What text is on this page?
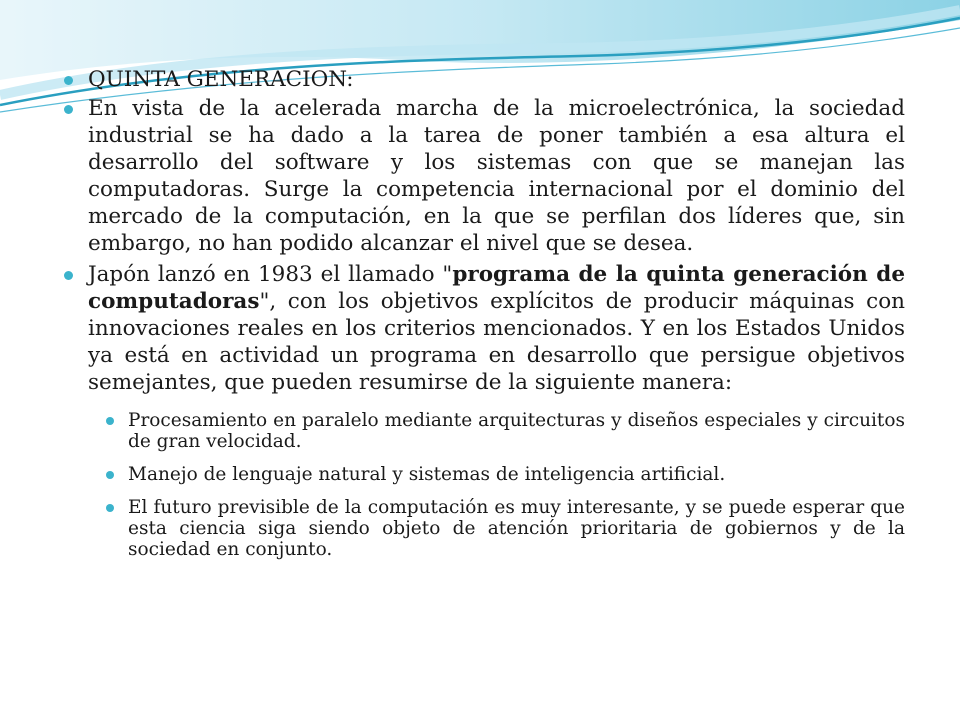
QUINTA GENERACION:

En vista de la acelerada marcha de la microelectrónica, la sociedad industrial se ha dado a la tarea de poner también a esa altura el desarrollo del software y los sistemas con que se manejan las computadoras. Surge la competencia internacional por el dominio del mercado de la computación, en la que se perfilan dos líderes que, sin embargo, no han podido alcanzar el nivel que se desea.

Japón lanzó en 1983 el llamado "programa de la quinta generación de computadoras", con los objetivos explícitos de producir máquinas con innovaciones reales en los criterios mencionados. Y en los Estados Unidos ya está en actividad un programa en desarrollo que persigue objetivos semejantes, que pueden resumirse de la siguiente manera:

Procesamiento en paralelo mediante arquitecturas y diseños especiales y circuitos de gran velocidad.

Manejo de lenguaje natural y sistemas de inteligencia artificial.

El futuro previsible de la computación es muy interesante, y se puede esperar que esta ciencia siga siendo objeto de atención prioritaria de gobiernos y de la sociedad en conjunto.
